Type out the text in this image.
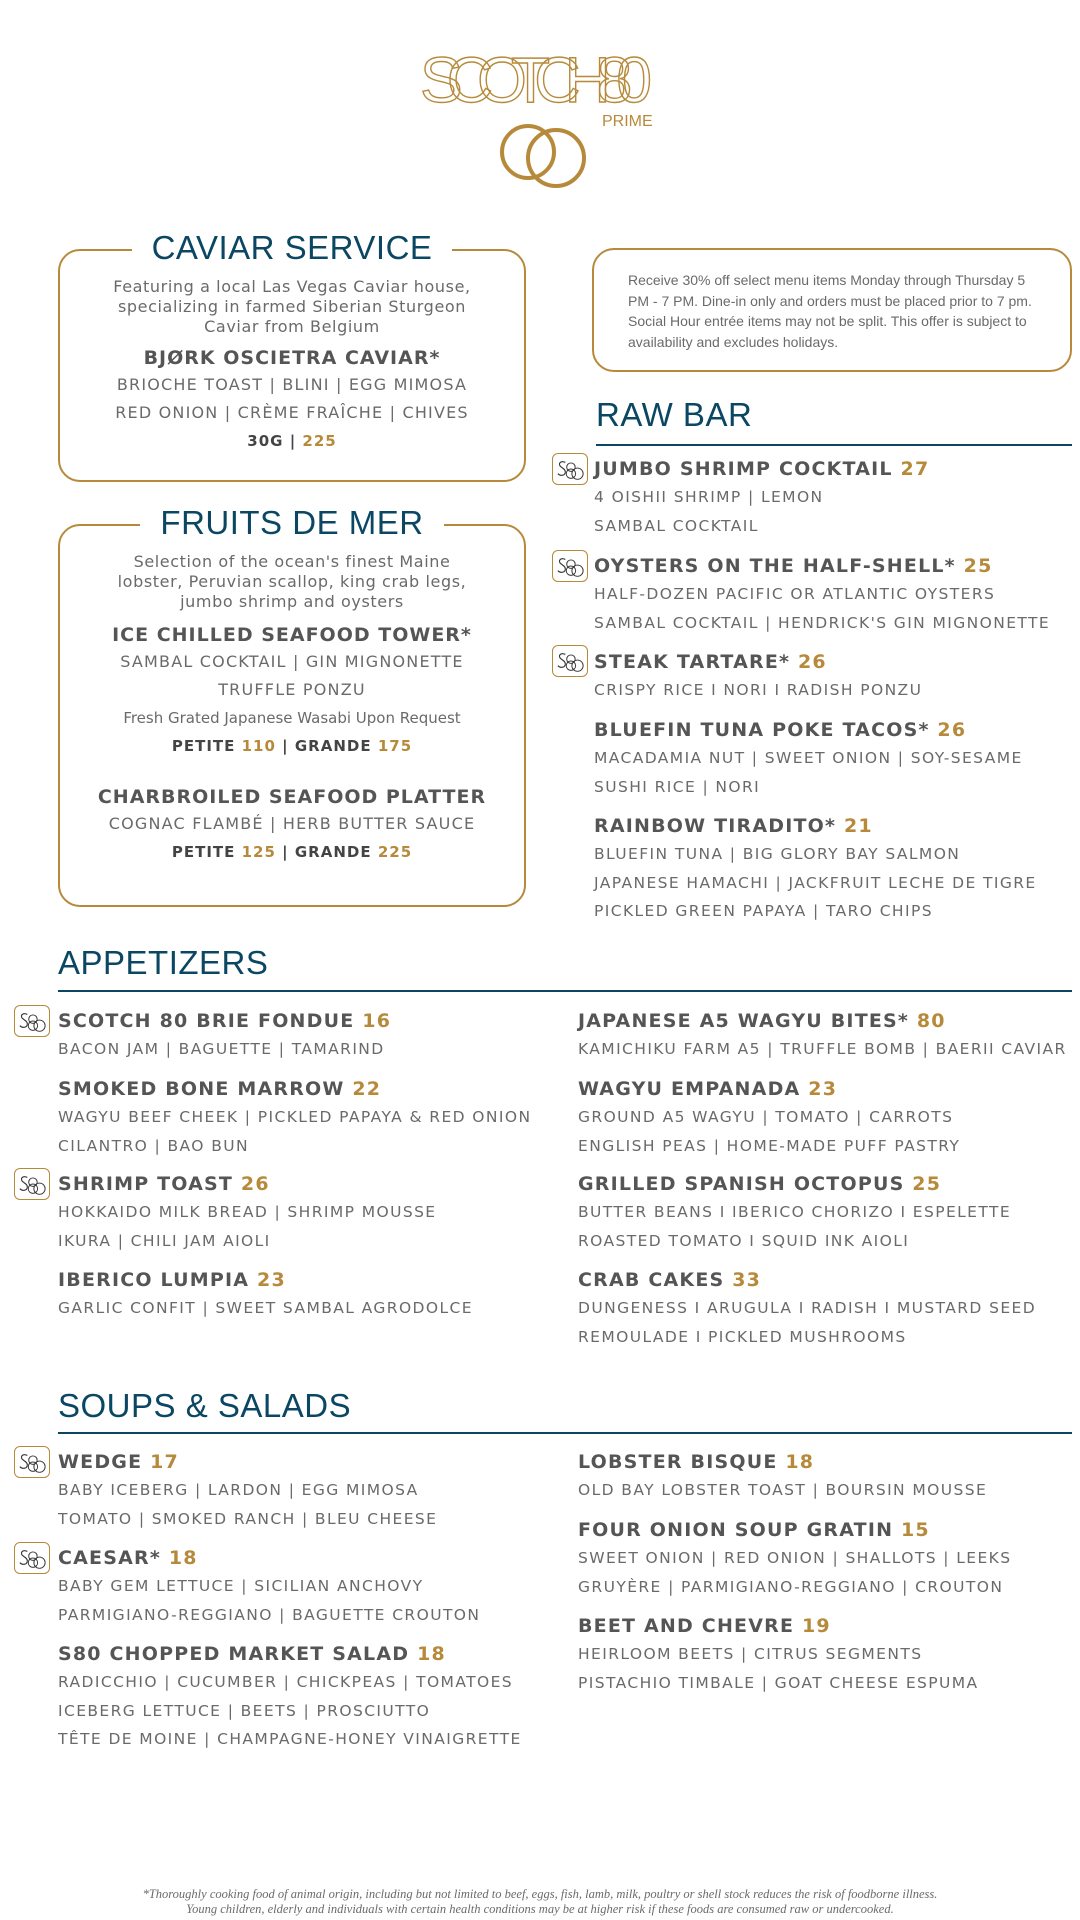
SCOTCH 80
PRIME
CAVIAR SERVICE
Featuring a local Las Vegas Caviar house,
specializing in farmed Siberian Sturgeon
Caviar from Belgium
BJØRK OSCIETRA CAVIAR*
BRIOCHE TOAST | BLINI | EGG MIMOSA
RED ONION | CRÈME FRAÎCHE | CHIVES
30G | 225
FRUITS DE MER
Selection of the ocean's finest Maine
lobster, Peruvian scallop, king crab legs,
jumbo shrimp and oysters
ICE CHILLED SEAFOOD TOWER*
SAMBAL COCKTAIL | GIN MIGNONETTE
TRUFFLE PONZU
Fresh Grated Japanese Wasabi Upon Request
PETITE 110 | GRANDE 175
CHARBROILED SEAFOOD PLATTER
COGNAC FLAMBÉ | HERB BUTTER SAUCE
PETITE 125 | GRANDE 225

Receive 30% off select menu items Monday through Thursday 5

PM - 7 PM. Dine-in only and orders must be placed prior to 7 pm.

Social Hour entrée items may not be split. This offer is subject to

availability and excludes holidays.

RAW BAR
JUMBO SHRIMP COCKTAIL 27
4 OISHII SHRIMP | LEMON
SAMBAL COCKTAIL
OYSTERS ON THE HALF-SHELL* 25
HALF-DOZEN PACIFIC OR ATLANTIC OYSTERS
SAMBAL COCKTAIL | HENDRICK'S GIN MIGNONETTE
STEAK TARTARE* 26
CRISPY RICE I NORI I RADISH PONZU
BLUEFIN TUNA POKE TACOS* 26
MACADAMIA NUT | SWEET ONION | SOY-SESAME
SUSHI RICE | NORI
RAINBOW TIRADITO* 21
BLUEFIN TUNA | BIG GLORY BAY SALMON
JAPANESE HAMACHI | JACKFRUIT LECHE DE TIGRE
PICKLED GREEN PAPAYA | TARO CHIPS
APPETIZERS
SCOTCH 80 BRIE FONDUE 16
BACON JAM | BAGUETTE | TAMARIND
SMOKED BONE MARROW 22
WAGYU BEEF CHEEK | PICKLED PAPAYA & RED ONION
CILANTRO | BAO BUN
SHRIMP TOAST 26
HOKKAIDO MILK BREAD | SHRIMP MOUSSE
IKURA | CHILI JAM AIOLI
IBERICO LUMPIA 23
GARLIC CONFIT | SWEET SAMBAL AGRODOLCE
JAPANESE A5 WAGYU BITES* 80
KAMICHIKU FARM A5 | TRUFFLE BOMB | BAERII CAVIAR
WAGYU EMPANADA 23
GROUND A5 WAGYU | TOMATO | CARROTS
ENGLISH PEAS | HOME-MADE PUFF PASTRY
GRILLED SPANISH OCTOPUS 25
BUTTER BEANS I IBERICO CHORIZO I ESPELETTE
ROASTED TOMATO I SQUID INK AIOLI
CRAB CAKES 33
DUNGENESS I ARUGULA I RADISH I MUSTARD SEED
REMOULADE I PICKLED MUSHROOMS
SOUPS & SALADS
WEDGE 17
BABY ICEBERG | LARDON | EGG MIMOSA
TOMATO | SMOKED RANCH | BLEU CHEESE
CAESAR* 18
BABY GEM LETTUCE | SICILIAN ANCHOVY
PARMIGIANO-REGGIANO | BAGUETTE CROUTON
S80 CHOPPED MARKET SALAD 18
RADICCHIO | CUCUMBER | CHICKPEAS | TOMATOES
ICEBERG LETTUCE | BEETS | PROSCIUTTO
TÊTE DE MOINE | CHAMPAGNE-HONEY VINAIGRETTE
LOBSTER BISQUE 18
OLD BAY LOBSTER TOAST | BOURSIN MOUSSE
FOUR ONION SOUP GRATIN 15
SWEET ONION | RED ONION | SHALLOTS | LEEKS
GRUYÈRE | PARMIGIANO-REGGIANO | CROUTON
BEET AND CHEVRE 19
HEIRLOOM BEETS | CITRUS SEGMENTS
PISTACHIO TIMBALE | GOAT CHEESE ESPUMA
*Thoroughly cooking food of animal origin, including but not limited to beef, eggs, fish, lamb, milk, poultry or shell stock reduces the risk of foodborne illness.
Young children, elderly and individuals with certain health conditions may be at higher risk if these foods are consumed raw or undercooked.
